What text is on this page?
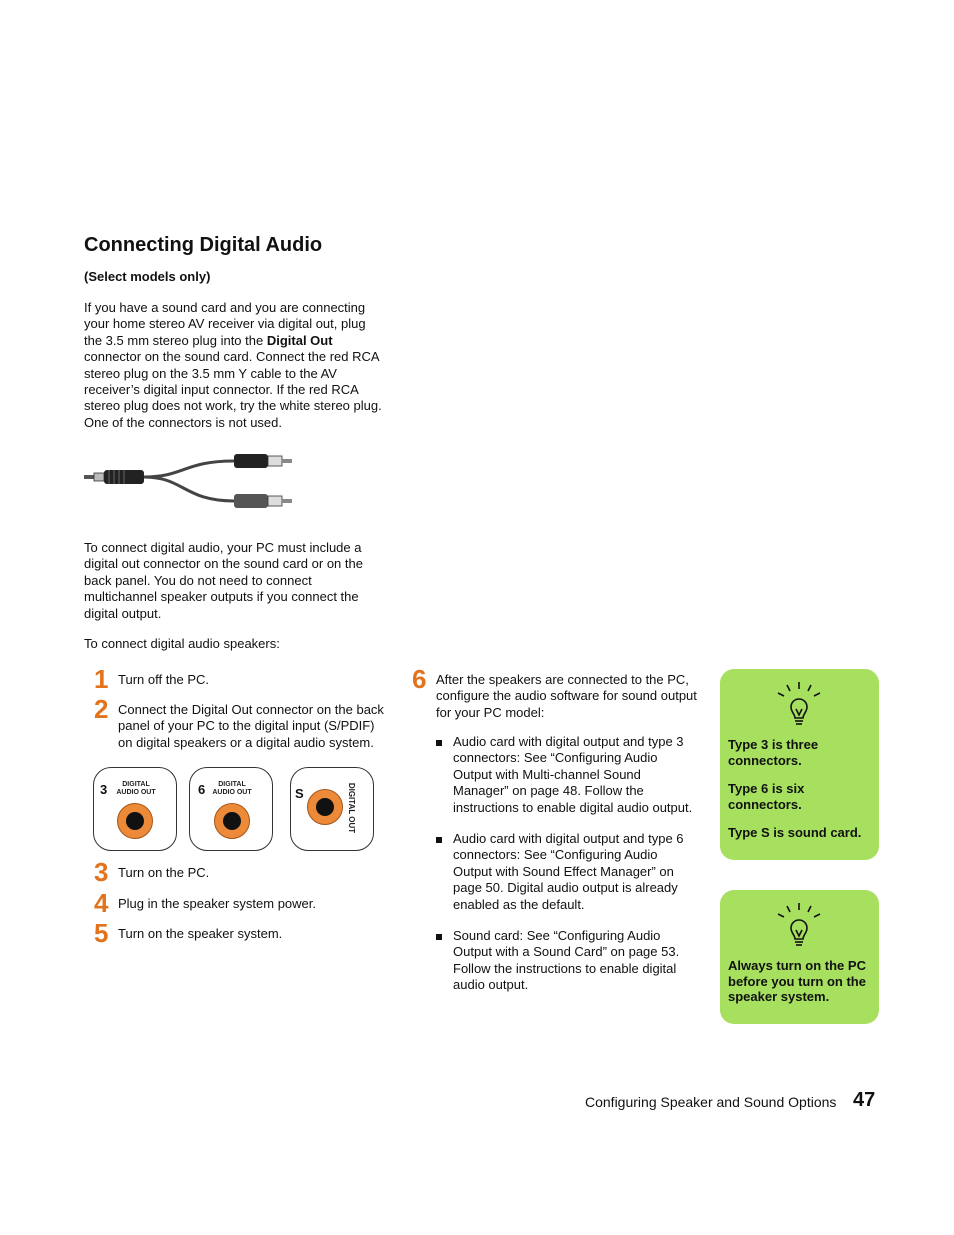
Connecting Digital Audio
(Select models only)
If you have a sound card and you are connecting your home stereo AV receiver via digital out, plug the 3.5 mm stereo plug into the Digital Out connector on the sound card. Connect the red RCA stereo plug on the 3.5 mm Y cable to the AV receiver’s digital input connector. If the red RCA stereo plug does not work, try the white stereo plug. One of the connectors is not used.
To connect digital audio, your PC must include a digital out connector on the sound card or on the back panel. You do not need to connect multichannel speaker outputs if you connect the digital output.
To connect digital audio speakers:
1 Turn off the PC.
2 Connect the Digital Out connector on the back panel of your PC to the digital input (S/PDIF) on digital speakers or a digital audio system.
3	DIGITAL AUDIO OUT	6	DIGITAL AUDIO OUT	S	DIGITAL OUT
3 Turn on the PC.
4 Plug in the speaker system power.
5 Turn on the speaker system.
6 After the speakers are connected to the PC, configure the audio software for sound output for your PC model:
Audio card with digital output and type 3 connectors: See “Configuring Audio Output with Multi-channel Sound Manager” on page 48. Follow the instructions to enable digital audio output.
Audio card with digital output and type 6 connectors: See “Configuring Audio Output with Sound Effect Manager” on page 50. Digital audio output is already enabled as the default.
Sound card: See “Configuring Audio Output with a Sound Card” on page 53. Follow the instructions to enable digital audio output.
Type 3 is three connectors.
Type 6 is six connectors.
Type S is sound card.
Always turn on the PC before you turn on the speaker system.
Configuring Speaker and Sound Options 47
